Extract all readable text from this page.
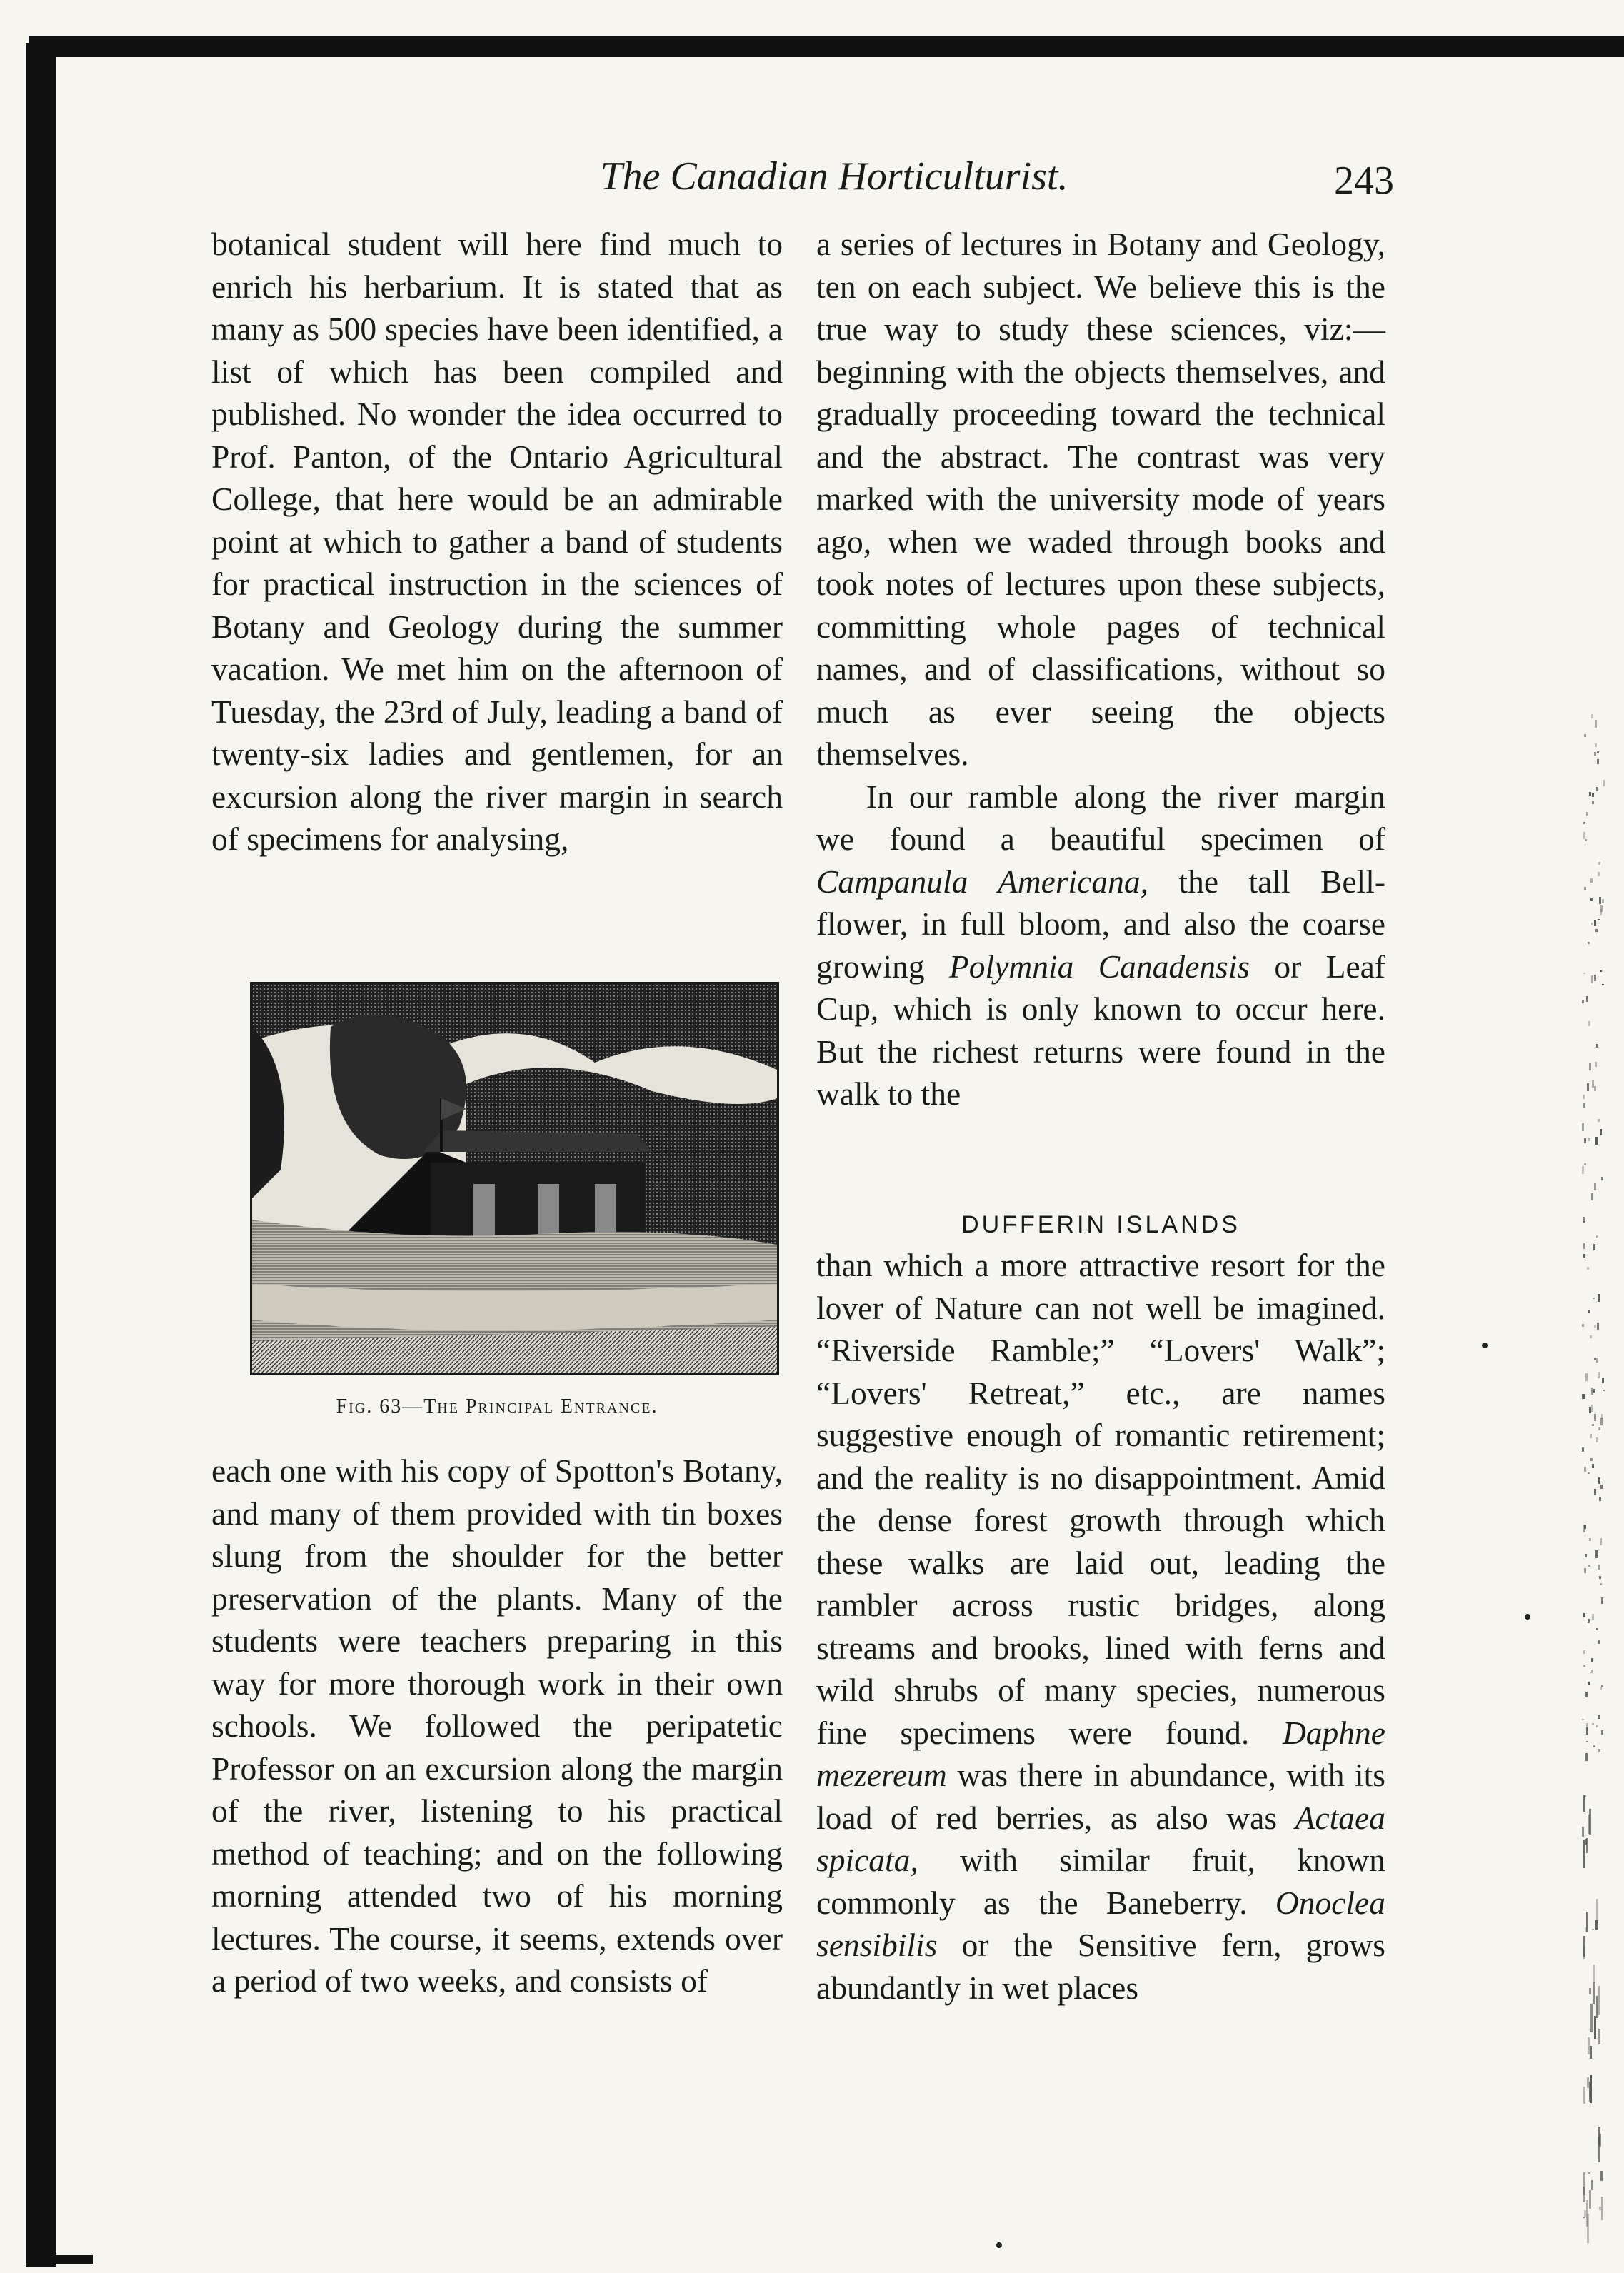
The Canadian Horticulturist.	243

botanical student will here find much to enrich his herbarium. It is stated that as many as 500 species have been identified, a list of which has been compiled and published. No wonder the idea occurred to Prof. Panton, of the Ontario Agricultural College, that here would be an admirable point at which to gather a band of students for practical instruction in the sciences of Botany and Geology during the summer vacation. We met him on the afternoon of Tuesday, the 23rd of July, leading a band of twenty-six ladies and gentlemen, for an excursion along the river margin in search of specimens for analysing,

Fig. 63—The Principal Entrance.

each one with his copy of Spotton's Botany, and many of them provided with tin boxes slung from the shoulder for the better preservation of the plants. Many of the students were teachers preparing in this way for more thorough work in their own schools. We followed the peripatetic Professor on an excursion along the margin of the river, listening to his practical method of teaching; and on the following morning attended two of his morning lectures. The course, it seems, extends over a period of two weeks, and consists of

a series of lectures in Botany and Geology, ten on each subject. We believe this is the true way to study these sciences, viz:—beginning with the objects themselves, and gradually proceeding toward the technical and the abstract. The contrast was very marked with the university mode of years ago, when we waded through books and took notes of lectures upon these subjects, committing whole pages of technical names, and of classifications, without so much as ever seeing the objects themselves.

In our ramble along the river margin we found a beautiful specimen of Campanula Americana, the tall Bell-flower, in full bloom, and also the coarse growing Polymnia Canadensis or Leaf Cup, which is only known to occur here. But the richest returns were found in the walk to the

DUFFERIN ISLANDS

than which a more attractive resort for the lover of Nature can not well be imagined. “Riverside Ramble;” “Lovers' Walk”; “Lovers' Retreat,” etc., are names suggestive enough of romantic retirement; and the reality is no disappointment. Amid the dense forest growth through which these walks are laid out, leading the rambler across rustic bridges, along streams and brooks, lined with ferns and wild shrubs of many species, numerous fine specimens were found. Daphne mezereum was there in abundance, with its load of red berries, as also was Actaea spicata, with similar fruit, known commonly as the Baneberry. Onoclea sensibilis or the Sensitive fern, grows abundantly in wet places
